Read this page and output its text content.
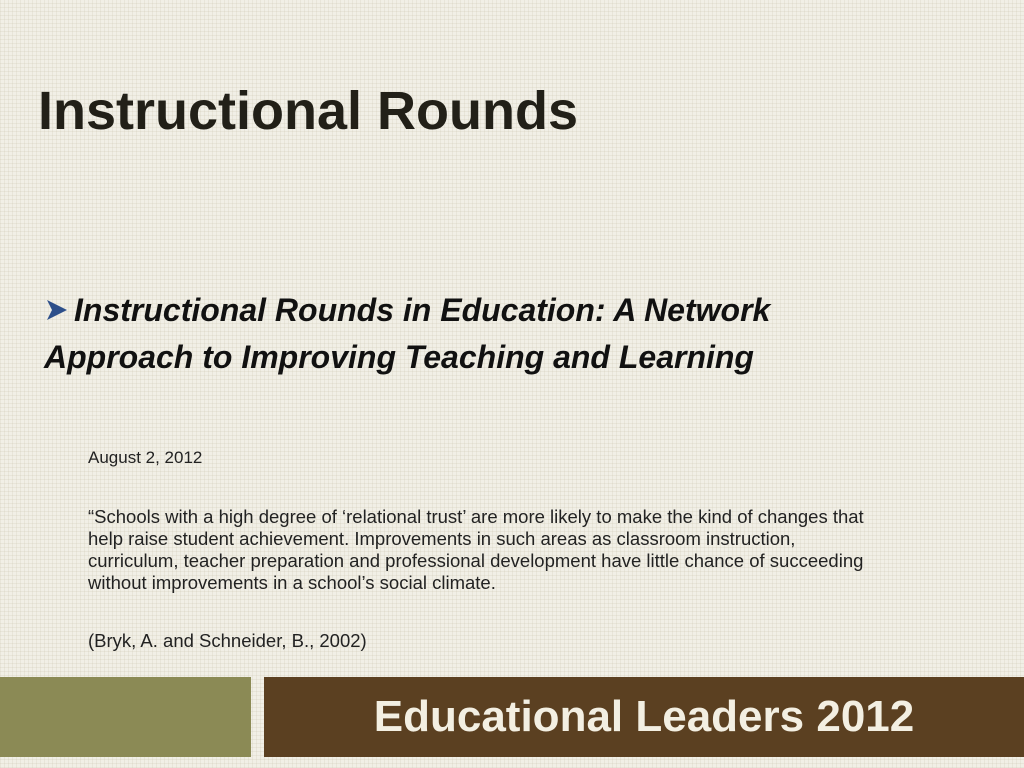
Instructional Rounds

Instructional Rounds in Education: A Network
Approach to Improving Teaching and Learning

August 2, 2012

“Schools with a high degree of ‘relational trust’ are more likely to make the kind of changes that help raise student achievement. Improvements in such areas as classroom instruction, curriculum, teacher preparation and professional development have little chance of succeeding without improvements in a school’s social climate.

(Bryk, A. and Schneider, B., 2002)

Educational Leaders 2012
